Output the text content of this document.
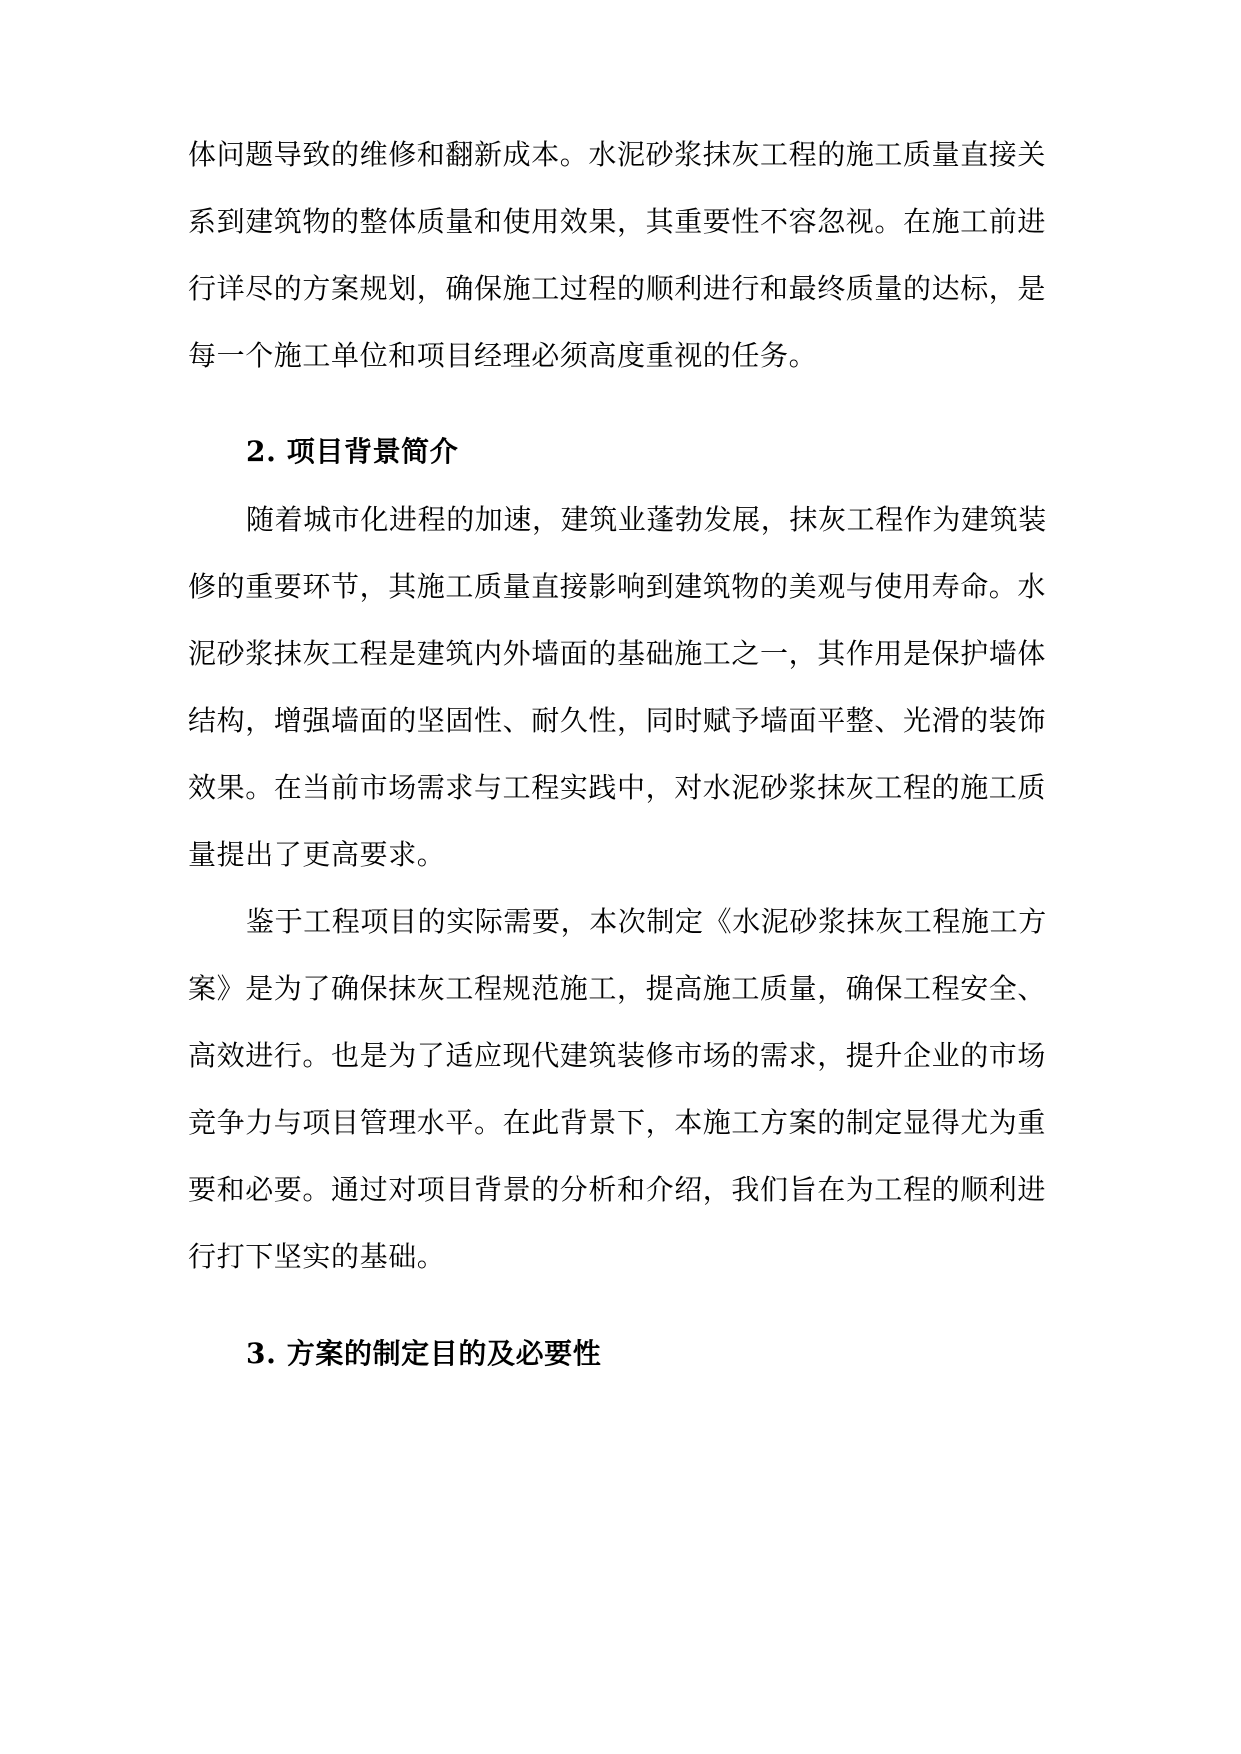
体问题导致的维修和翻新成本。水泥砂浆抹灰工程的施工质量直接关
系到建筑物的整体质量和使用效果，其重要性不容忽视。在施工前进
行详尽的方案规划，确保施工过程的顺利进行和最终质量的达标，是
每一个施工单位和项目经理必须高度重视的任务。
2. 项目背景简介
随着城市化进程的加速，建筑业蓬勃发展，抹灰工程作为建筑装
修的重要环节，其施工质量直接影响到建筑物的美观与使用寿命。水
泥砂浆抹灰工程是建筑内外墙面的基础施工之一，其作用是保护墙体
结构，增强墙面的坚固性、耐久性，同时赋予墙面平整、光滑的装饰
效果。在当前市场需求与工程实践中，对水泥砂浆抹灰工程的施工质
量提出了更高要求。
鉴于工程项目的实际需要，本次制定《水泥砂浆抹灰工程施工方
案》是为了确保抹灰工程规范施工，提高施工质量，确保工程安全、
高效进行。也是为了适应现代建筑装修市场的需求，提升企业的市场
竞争力与项目管理水平。在此背景下，本施工方案的制定显得尤为重
要和必要。通过对项目背景的分析和介绍，我们旨在为工程的顺利进
行打下坚实的基础。
3. 方案的制定目的及必要性
